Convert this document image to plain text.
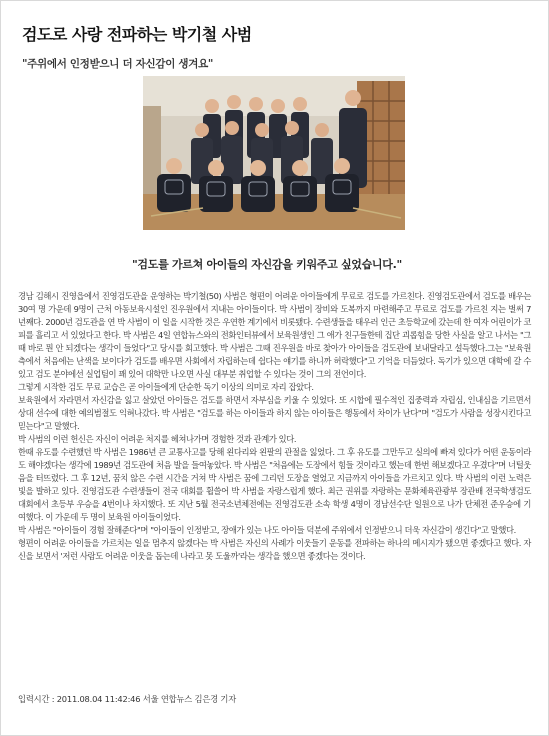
검도로 사랑 전파하는 박기철 사범
"주위에서 인정받으니 더 자신감이 생겨요"
"검도를 가르쳐 아이들의 자신감을 키워주고 싶었습니다."

경남 김해시 진영읍에서 진영검도관을 운영하는 박기철(50) 사범은 형편이 어려운 아이들에게 무료로 검도를 가르친다. 진영검도관에서 검도를 배우는 30여 명 가운데 9명이 근처 아동보육시설인 진우원에서 지내는 아이들이다. 박 사범이 장비와 도복까지 마련해주고 무료로 검도를 가르친 지는 벌써 7년째다. 2000년 검도관을 연 박 사범이 이 일을 시작한 것은 우연한 계기에서 비롯됐다. 수련생들을 태우러 인근 초등학교에 갔는데 한 여자 어린이가 코피를 흘리고 서 있었다고 한다. 박 사범은 4일 연합뉴스와의 전화인터뷰에서 보육원생인 그 애가 친구들한테 집단 괴롭힘을 당한 사실을 알고 나서는 "그때 바로 뭔 안 되겠다는 생각이 들었다"고 당시를 회고했다. 박 사범은 그때 진우원을 바로 찾아가 아이들을 검도관에 보내달라고 설득했다.그는 "보육원 측에서 처음에는 난색을 보이다가 검도를 배우면 사회에서 자립하는데 쉽다는 얘기를 하니까 허락했다"고 기억을 더듬었다. 독기가 있으면 대학에 갈 수 있고 검도 분야에선 실업팀이 꽤 있어 대학만 나오면 사실 대부분 취업할 수 있다는 것이 그의 전언이다.

그렇게 시작한 검도 무료 교습은 곧 아이들에게 단순한 독기 이상의 의미로 자리 잡았다.

보육원에서 자라면서 자신감을 잃고 살았던 아이들은 검도를 하면서 자부심을 키울 수 있었다. 또 시합에 필수적인 집중력과 자립심, 인내심을 기르면서 상대 선수에 대한 예의범절도 익혀나갔다. 박 사범은 "검도를 하는 아이들과 하지 않는 아이들은 행동에서 차이가 난다"며 "검도가 사람을 성장시킨다고 믿는다"고 말했다.

박 사범의 이런 헌신은 자신이 어려운 처지를 헤쳐나가며 경험한 것과 관계가 있다.

한때 유도를 수련했던 박 사범은 1986년 큰 교통사고를 당해 왼다리와 왼팔의 관절을 잃었다. 그 후 유도를 그만두고 실의에 빠져 있다가 어떤 운동이라도 해야겠다는 생각에 1989년 검도관에 처음 발을 들여놓았다. 박 사범은 "처음에는 도장에서 힘들 것이라고 했는데 한번 해보겠다고 우겼다"며 너털웃음을 터뜨렸다. 그 후 12년, 꿈치 않은 수련 시간을 거쳐 박 사범은 꿈에 그리던 도장을 열었고 지금까지 아이들을 가르치고 있다. 박 사범의 이런 노력은 빛을 발하고 있다. 진영검도관 수련생들이 전국 대회를 휩쓸어 박 사범을 자랑스럽게 했다. 최근 권위를 자랑하는 문화체육관광부 장관배 전국학생검도대회에서 초등부 우승을 4번이나 차지했다. 또 지난 5월 전국소년체전에는 진영검도관 소속 학생 4명이 경남선수단 일원으로 나가 단체전 준우승에 기여했다. 이 가운데 두 명이 보육원 아이들이었다.

박 사범은 "아이들이 경험 잘해준다"며 "아이들이 인정받고, 장애가 있는 나도 아이들 덕분에 주위에서 인정받으니 더욱 자신감이 생긴다"고 말했다.

형편이 어려운 아이들을 가르치는 일을 멈추지 않겠다는 박 사범은 자신의 사례가 이웃들기 운동를 전파하는 하나의 메시지가 됐으면 좋겠다고 했다. 자신을 보면서 '저런 사람도 어려운 이웃을 돕는데 나라고 못 도울까'라는 생각을 했으면 좋겠다는 것이다.

입력시간 : 2011.08.04 11:42:46 서울 연합뉴스 김은경 기자
